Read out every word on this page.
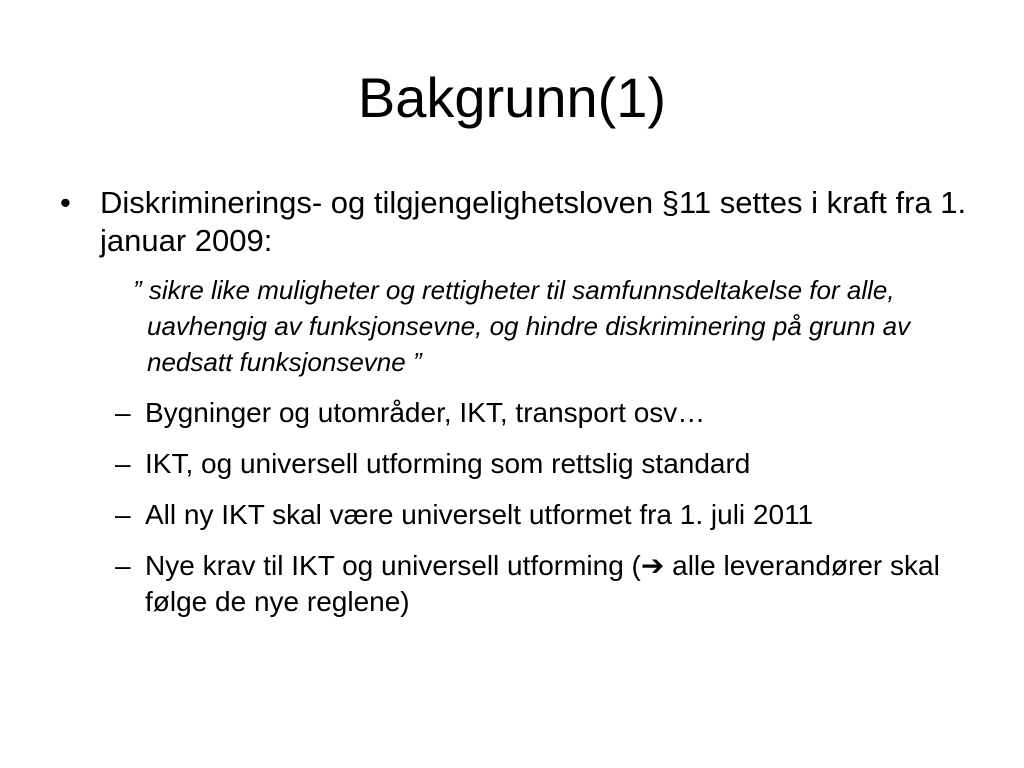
Bakgrunn(1)
• Diskriminerings- og tilgjengelighetsloven §11 settes i kraft fra 1. januar 2009:
” sikre like muligheter og rettigheter til samfunnsdeltakelse for alle, uavhengig av funksjonsevne, og hindre diskriminering på grunn av nedsatt funksjonsevne ”
– Bygninger og utområder, IKT, transport osv…
– IKT, og universell utforming som rettslig standard
– All ny IKT skal være universelt utformet fra 1. juli 2011
– Nye krav til IKT og universell utforming (➔ alle leverandører skal følge de nye reglene)
